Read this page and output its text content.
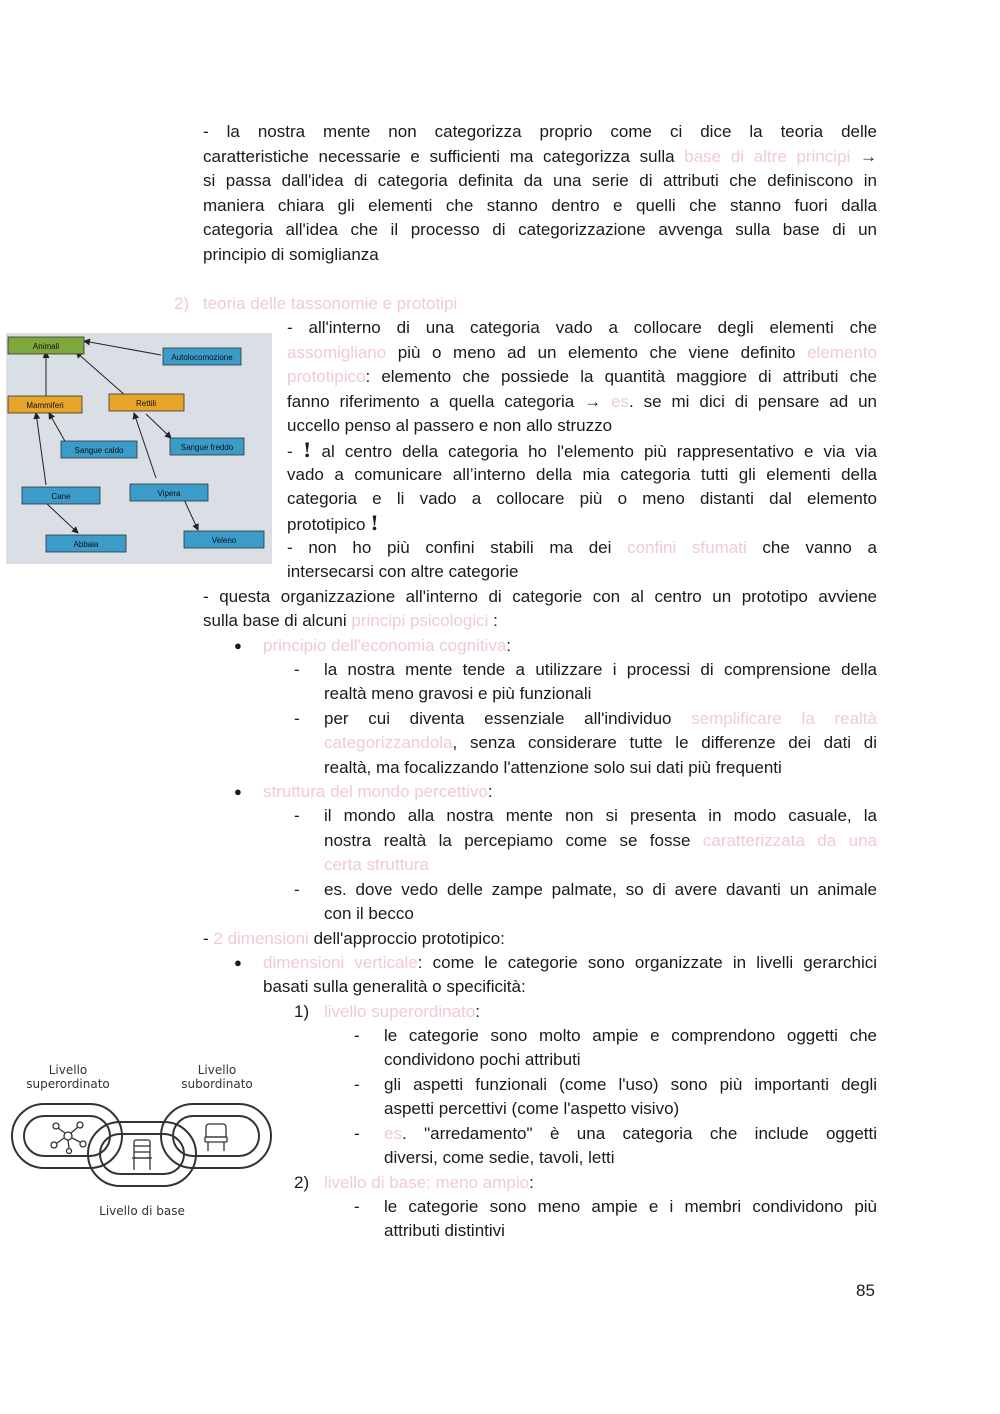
- la nostra mente non categorizza proprio come ci dice la teoria delle
caratteristiche necessarie e sufficienti ma categorizza sulla base di altre principi →
si passa dall'idea di categoria definita da una serie di attributi che definiscono in
maniera chiara gli elementi che stanno dentro e quelli che stanno fuori dalla
categoria all'idea che il processo di categorizzazione avvenga sulla base di un
principio di somiglianza
2) teoria delle tassonomie e prototipi
Animali
Autolocomozione
Mammiferi	Rettili
Sangue caldo	Sangue freddo
Cane	Vipera
Abbaia	Veleno
- all'interno di una categoria vado a collocare degli elementi che
assomigliano più o meno ad un elemento che viene definito elemento
prototipico: elemento che possiede la quantità maggiore di attributi che
fanno riferimento a quella categoria → es. se mi dici di pensare ad un
uccello penso al passero e non allo struzzo
- ! al centro della categoria ho l'elemento più rappresentativo e via via
vado a comunicare all’interno della mia categoria tutti gli elementi della
categoria e li vado a collocare più o meno distanti dal elemento
prototipico !
- non ho più confini stabili ma dei confini sfumati che vanno a
intersecarsi con altre categorie
- questa organizzazione all'interno di categorie con al centro un prototipo avviene
sulla base di alcuni principi psicologici :
● principio dell'economia cognitiva:
- la nostra mente tende a utilizzare i processi di comprensione della
realtà meno gravosi e più funzionali
- per cui diventa essenziale all'individuo semplificare la realtà
categorizzandola, senza considerare tutte le differenze dei dati di
realtà, ma focalizzando l'attenzione solo sui dati più frequenti
● struttura del mondo percettivo:
- il mondo alla nostra mente non si presenta in modo casuale, la
nostra realtà la percepiamo come se fosse caratterizzata da una
certa struttura
- es. dove vedo delle zampe palmate, so di avere davanti un animale
con il becco
- 2 dimensioni dell'approccio prototipico:
● dimensioni verticale: come le categorie sono organizzate in livelli gerarchici
basati sulla generalità o specificità:
1) livello superordinato:
- le categorie sono molto ampie e comprendono oggetti che
condividono pochi attributi
- gli aspetti funzionali (come l'uso) sono più importanti degli
aspetti percettivi (come l'aspetto visivo)
- es. "arredamento" è una categoria che include oggetti
diversi, come sedie, tavoli, letti
2) livello di base: meno ampio:
- le categorie sono meno ampie e i membri condividono più
attributi distintivi
Livello
superordinato
Livello
subordinato
Livello di base
85
